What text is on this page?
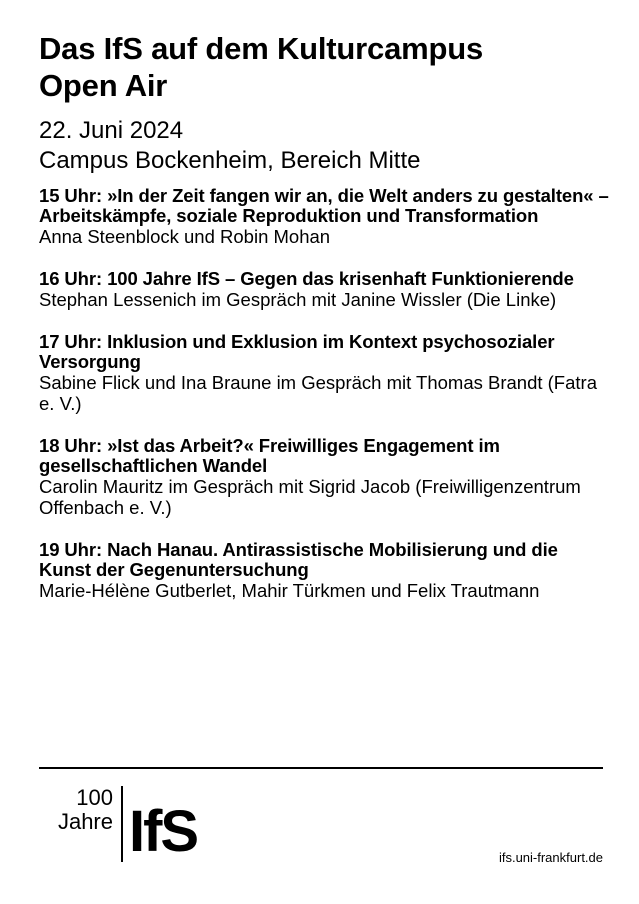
Das IfS auf dem Kulturcampus
Open Air
22. Juni 2024
Campus Bockenheim, Bereich Mitte
15 Uhr: »In der Zeit fangen wir an, die Welt anders zu gestalten« – Arbeitskämpfe, soziale Reproduktion und Transformation
Anna Steenblock und Robin Mohan
16 Uhr: 100 Jahre IfS – Gegen das krisenhaft Funktionierende
Stephan Lessenich im Gespräch mit Janine Wissler (Die Linke)
17 Uhr: Inklusion und Exklusion im Kontext psychosozialer Versorgung
Sabine Flick und Ina Braune im Gespräch mit Thomas Brandt (Fatra e. V.)
18 Uhr: »Ist das Arbeit?« Freiwilliges Engagement im gesellschaftlichen Wandel
Carolin Mauritz im Gespräch mit Sigrid Jacob (Freiwilligenzentrum Offenbach e. V.)
19 Uhr: Nach Hanau. Antirassistische Mobilisierung und die Kunst der Gegenuntersuchung
Marie-Hélène Gutberlet, Mahir Türkmen und Felix Trautmann
100
Jahre IfS	ifs.uni-frankfurt.de
